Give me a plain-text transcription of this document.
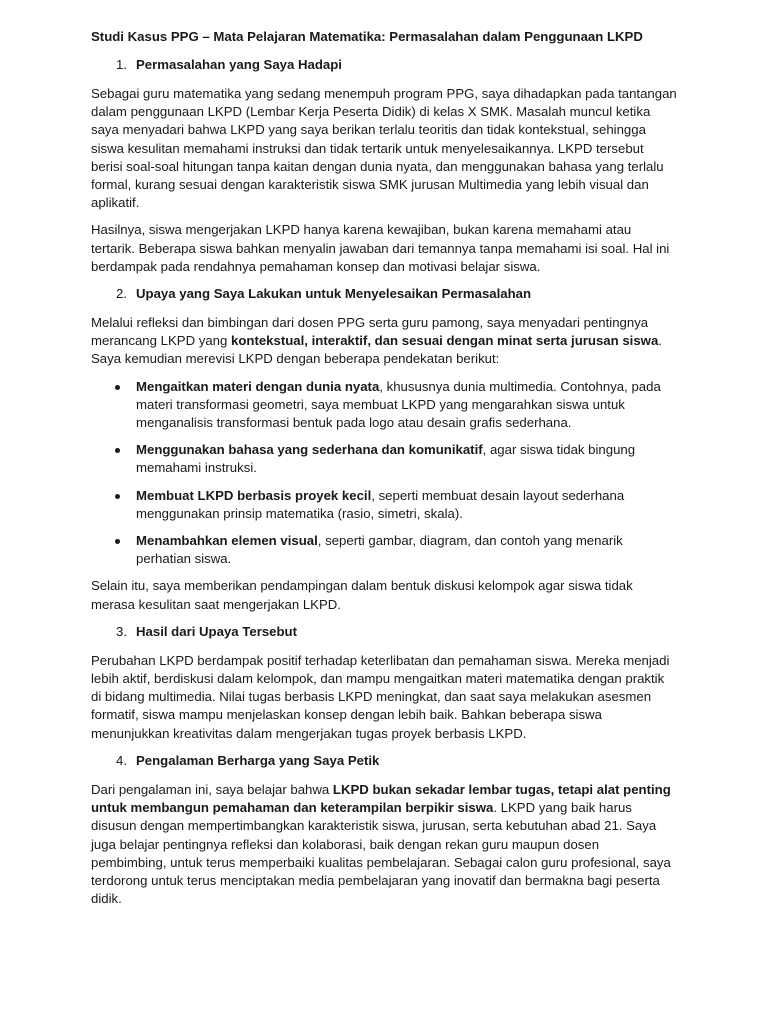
Studi Kasus PPG – Mata Pelajaran Matematika: Permasalahan dalam Penggunaan LKPD
1. Permasalahan yang Saya Hadapi

Sebagai guru matematika yang sedang menempuh program PPG, saya dihadapkan pada tantangan dalam penggunaan LKPD (Lembar Kerja Peserta Didik) di kelas X SMK. Masalah muncul ketika saya menyadari bahwa LKPD yang saya berikan terlalu teoritis dan tidak kontekstual, sehingga siswa kesulitan memahami instruksi dan tidak tertarik untuk menyelesaikannya. LKPD tersebut berisi soal-soal hitungan tanpa kaitan dengan dunia nyata, dan menggunakan bahasa yang terlalu formal, kurang sesuai dengan karakteristik siswa SMK jurusan Multimedia yang lebih visual dan aplikatif.

Hasilnya, siswa mengerjakan LKPD hanya karena kewajiban, bukan karena memahami atau tertarik. Beberapa siswa bahkan menyalin jawaban dari temannya tanpa memahami isi soal. Hal ini berdampak pada rendahnya pemahaman konsep dan motivasi belajar siswa.

2. Upaya yang Saya Lakukan untuk Menyelesaikan Permasalahan

Melalui refleksi dan bimbingan dari dosen PPG serta guru pamong, saya menyadari pentingnya merancang LKPD yang kontekstual, interaktif, dan sesuai dengan minat serta jurusan siswa. Saya kemudian merevisi LKPD dengan beberapa pendekatan berikut:

Mengaitkan materi dengan dunia nyata, khususnya dunia multimedia. Contohnya, pada materi transformasi geometri, saya membuat LKPD yang mengarahkan siswa untuk menganalisis transformasi bentuk pada logo atau desain grafis sederhana.
Menggunakan bahasa yang sederhana dan komunikatif, agar siswa tidak bingung memahami instruksi.
Membuat LKPD berbasis proyek kecil, seperti membuat desain layout sederhana menggunakan prinsip matematika (rasio, simetri, skala).
Menambahkan elemen visual, seperti gambar, diagram, dan contoh yang menarik perhatian siswa.

Selain itu, saya memberikan pendampingan dalam bentuk diskusi kelompok agar siswa tidak merasa kesulitan saat mengerjakan LKPD.

3. Hasil dari Upaya Tersebut

Perubahan LKPD berdampak positif terhadap keterlibatan dan pemahaman siswa. Mereka menjadi lebih aktif, berdiskusi dalam kelompok, dan mampu mengaitkan materi matematika dengan praktik di bidang multimedia. Nilai tugas berbasis LKPD meningkat, dan saat saya melakukan asesmen formatif, siswa mampu menjelaskan konsep dengan lebih baik. Bahkan beberapa siswa menunjukkan kreativitas dalam mengerjakan tugas proyek berbasis LKPD.

4. Pengalaman Berharga yang Saya Petik

Dari pengalaman ini, saya belajar bahwa LKPD bukan sekadar lembar tugas, tetapi alat penting untuk membangun pemahaman dan keterampilan berpikir siswa. LKPD yang baik harus disusun dengan mempertimbangkan karakteristik siswa, jurusan, serta kebutuhan abad 21. Saya juga belajar pentingnya refleksi dan kolaborasi, baik dengan rekan guru maupun dosen pembimbing, untuk terus memperbaiki kualitas pembelajaran. Sebagai calon guru profesional, saya terdorong untuk terus menciptakan media pembelajaran yang inovatif dan bermakna bagi peserta didik.
